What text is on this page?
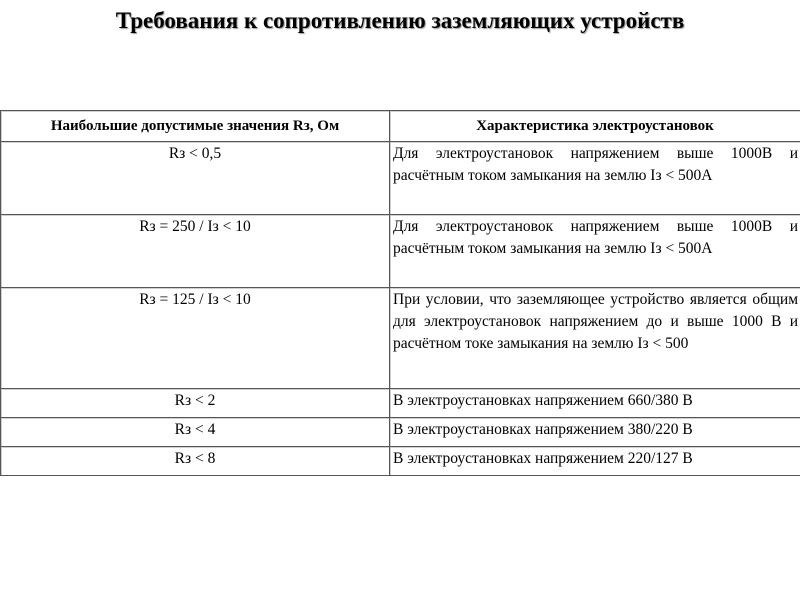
Требования к сопротивлению заземляющих устройств
Наибольшие допустимые значения Rз, Ом	Характеристика электроустановок
Rз < 0,5	Для электроустановок напряжением выше 1000В и расчётным током замыкания на землю Iз < 500А
Rз = 250 / Iз < 10	Для электроустановок напряжением выше 1000В и расчётным током замыкания на землю Iз < 500А
Rз = 125 / Iз < 10	При условии, что заземляющее устройство является общим для электроустановок напряжением до и выше 1000 В и расчётном токе замыкания на землю Iз < 500
Rз < 2	В электроустановках напряжением 660/380 В
Rз < 4	В электроустановках напряжением 380/220 В
Rз < 8	В электроустановках напряжением 220/127 В
